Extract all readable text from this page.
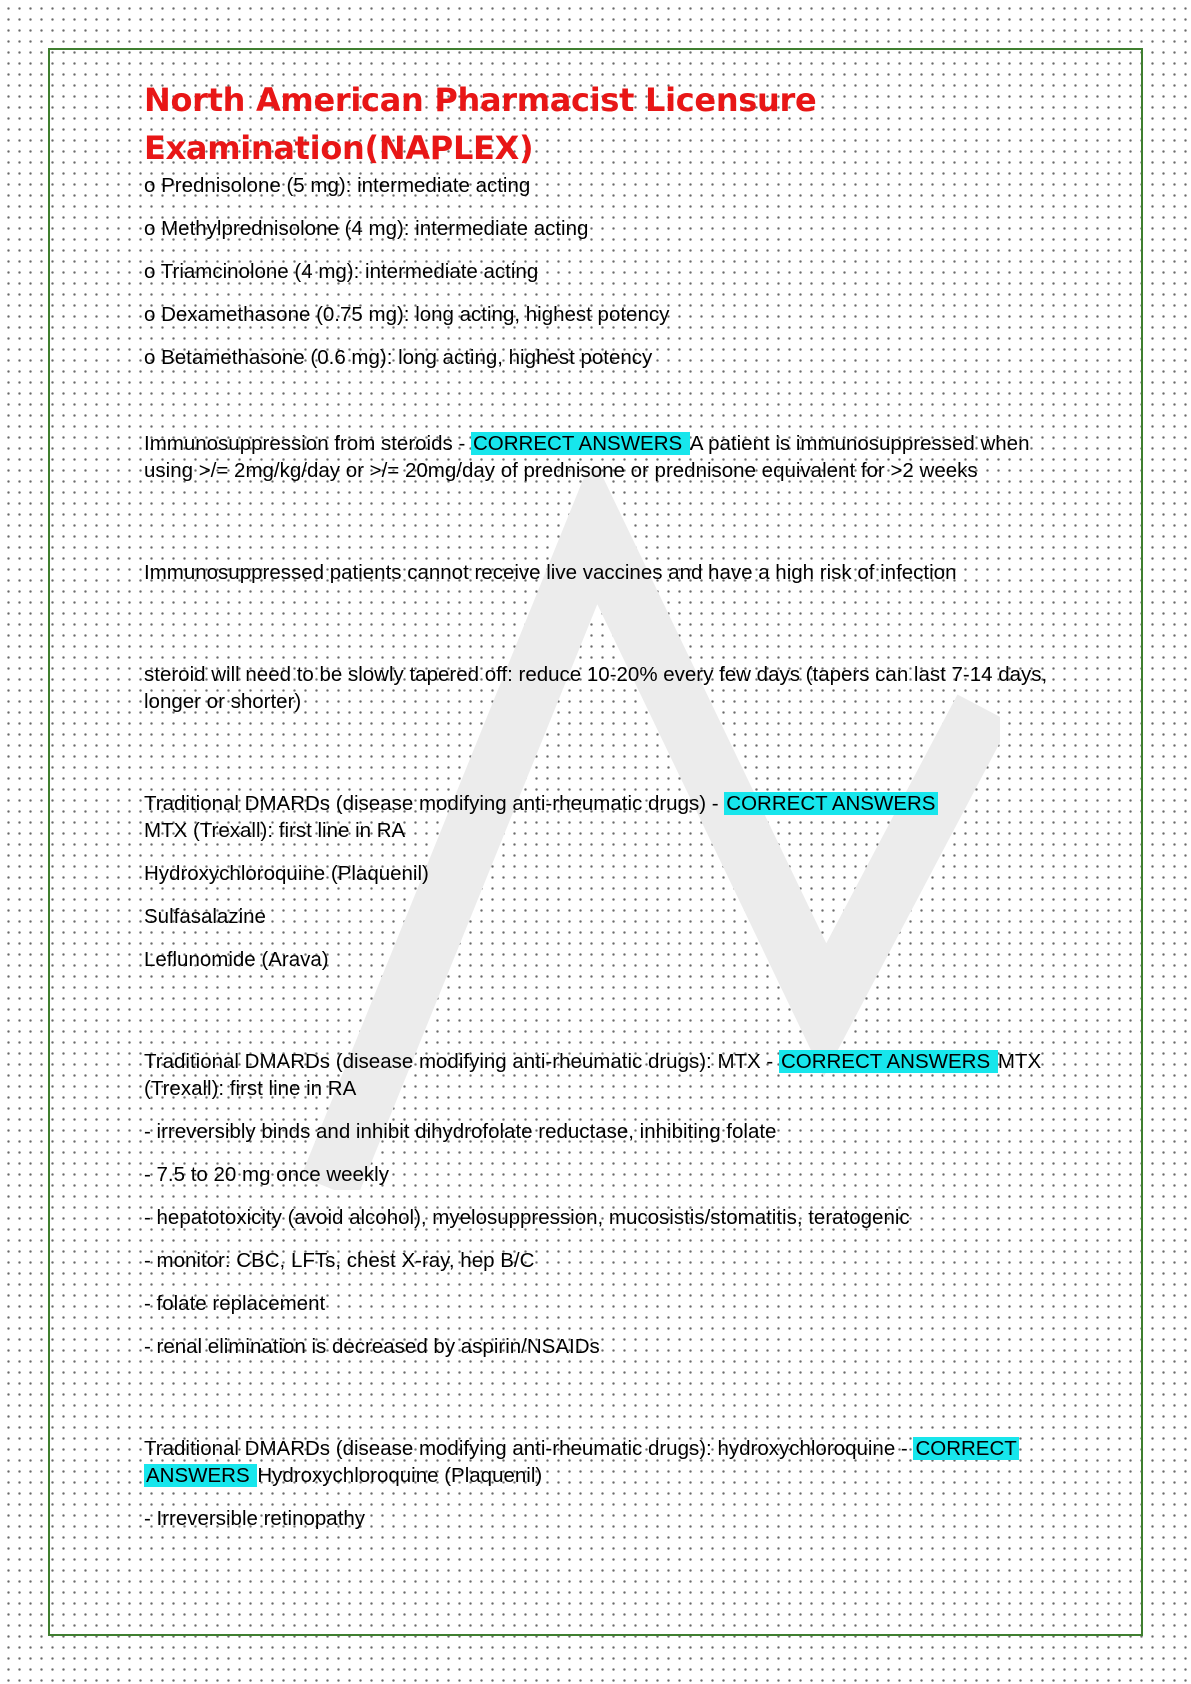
North American Pharmacist Licensure Examination(NAPLEX)

o Prednisolone (5 mg): intermediate acting

o Methylprednisolone (4 mg): intermediate acting

o Triamcinolone (4 mg): intermediate acting

o Dexamethasone (0.75 mg): long acting, highest potency

o Betamethasone (0.6 mg): long acting, highest potency

Immunosuppression from steroids - CORRECT ANSWERS A patient is immunosuppressed when using >/= 2mg/kg/day or >/= 20mg/day of prednisone or prednisone equivalent for >2 weeks

Immunosuppressed patients cannot receive live vaccines and have a high risk of infection

steroid will need to be slowly tapered off: reduce 10-20% every few days (tapers can last 7-14 days, longer or shorter)

Traditional DMARDs (disease modifying anti-rheumatic drugs) - CORRECT ANSWERS
MTX (Trexall): first line in RA

Hydroxychloroquine (Plaquenil)

Sulfasalazine

Leflunomide (Arava)

Traditional DMARDs (disease modifying anti-rheumatic drugs): MTX - CORRECT ANSWERS MTX (Trexall): first line in RA

- irreversibly binds and inhibit dihydrofolate reductase, inhibiting folate

- 7.5 to 20 mg once weekly

- hepatotoxicity (avoid alcohol), myelosuppression, mucosistis/stomatitis, teratogenic

- monitor: CBC, LFTs, chest X-ray, hep B/C

- folate replacement

- renal elimination is decreased by aspirin/NSAIDs

Traditional DMARDs (disease modifying anti-rheumatic drugs): hydroxychloroquine - CORRECT ANSWERS Hydroxychloroquine (Plaquenil)

- Irreversible retinopathy
